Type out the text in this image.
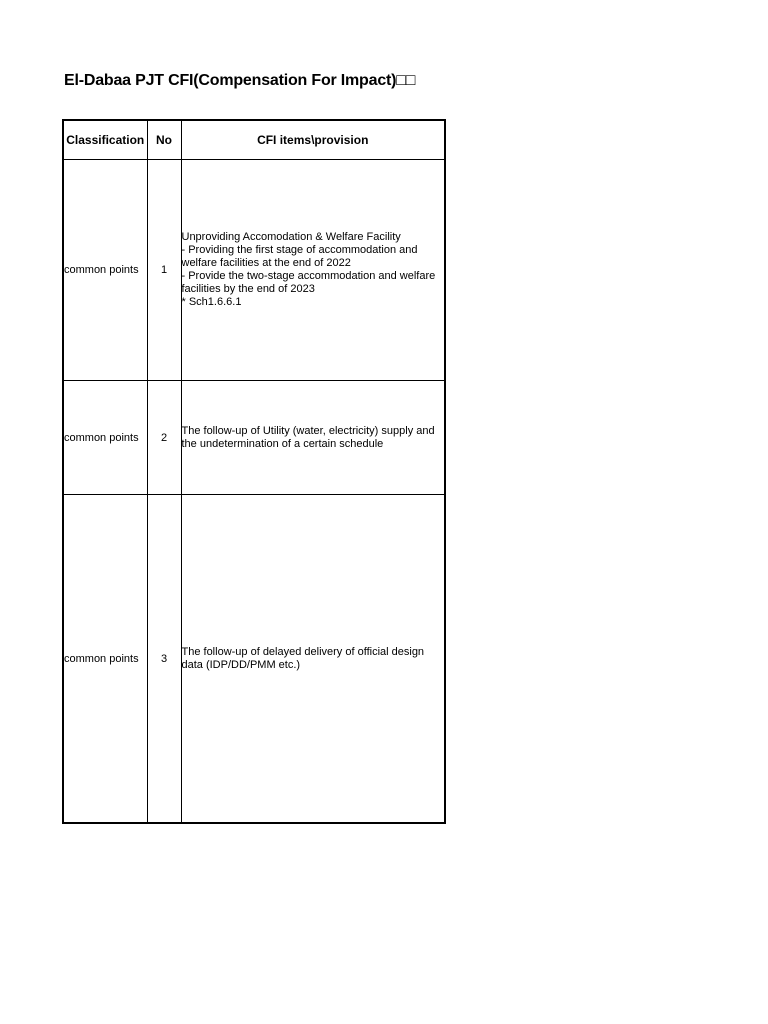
El-Dabaa PJT CFI(Compensation For Impact)□□
Classification	No	CFI items\provision
common points	1	Unproviding Accomodation & Welfare Facility
- Providing the first stage of accommodation and welfare facilities at the end of 2022
- Provide the two-stage accommodation and welfare facilities by the end of 2023
* Sch1.6.6.1
common points	2	The follow-up of Utility (water, electricity) supply and the undetermination of a certain schedule
common points	3	The follow-up of delayed delivery of official design data (IDP/DD/PMM etc.)
